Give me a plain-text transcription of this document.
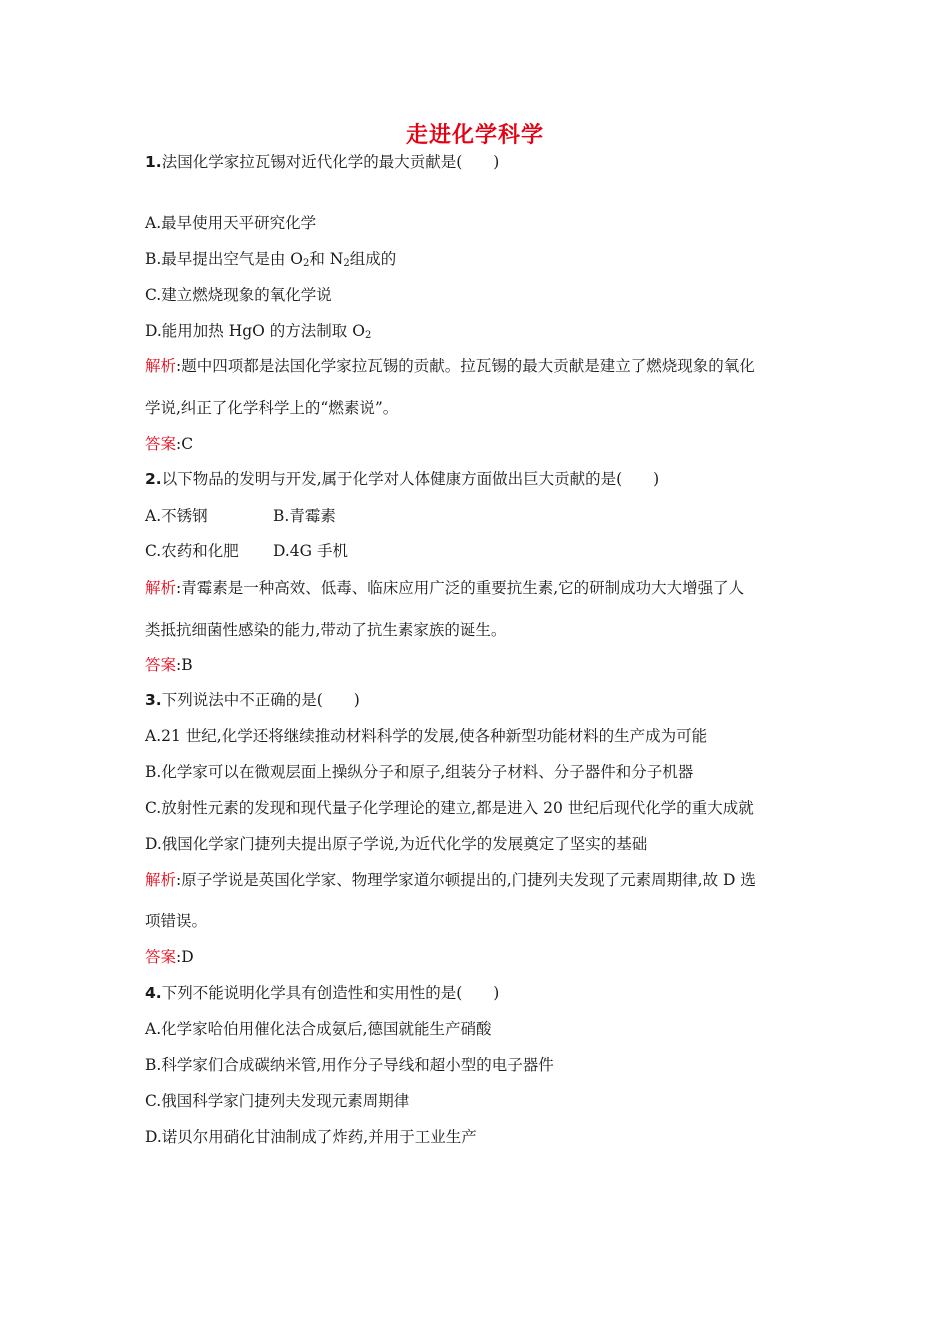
走进化学科学
1.法国化学家拉瓦锡对近代化学的最大贡献是(　　)
A.最早使用天平研究化学
B.最早提出空气是由 $O_2$和 $N_2$组成的
C.建立燃烧现象的氧化学说
D.能用加热 HgO 的方法制取 $O_2$
解析:题中四项都是法国化学家拉瓦锡的贡献。拉瓦锡的最大贡献是建立了燃烧现象的氧化
学说,纠正了化学科学上的“燃素说”。
答案:C
2.以下物品的发明与开发,属于化学对人体健康方面做出巨大贡献的是(　　)
A.不锈钢	B.青霉素
C.农药和化肥 D.4G 手机
解析:青霉素是一种高效、低毒、临床应用广泛的重要抗生素,它的研制成功大大增强了人
类抵抗细菌性感染的能力,带动了抗生素家族的诞生。
答案:B
3.下列说法中不正确的是(　　)
A.21 世纪,化学还将继续推动材料科学的发展,使各种新型功能材料的生产成为可能
B.化学家可以在微观层面上操纵分子和原子,组装分子材料、分子器件和分子机器
C.放射性元素的发现和现代量子化学理论的建立,都是进入 20 世纪后现代化学的重大成就
D.俄国化学家门捷列夫提出原子学说,为近代化学的发展奠定了坚实的基础
解析:原子学说是英国化学家、物理学家道尔顿提出的,门捷列夫发现了元素周期律,故 D 选
项错误。
答案:D
4.下列不能说明化学具有创造性和实用性的是(　　)
A.化学家哈伯用催化法合成氨后,德国就能生产硝酸
B.科学家们合成碳纳米管,用作分子导线和超小型的电子器件
C.俄国科学家门捷列夫发现元素周期律
D.诺贝尔用硝化甘油制成了炸药,并用于工业生产
